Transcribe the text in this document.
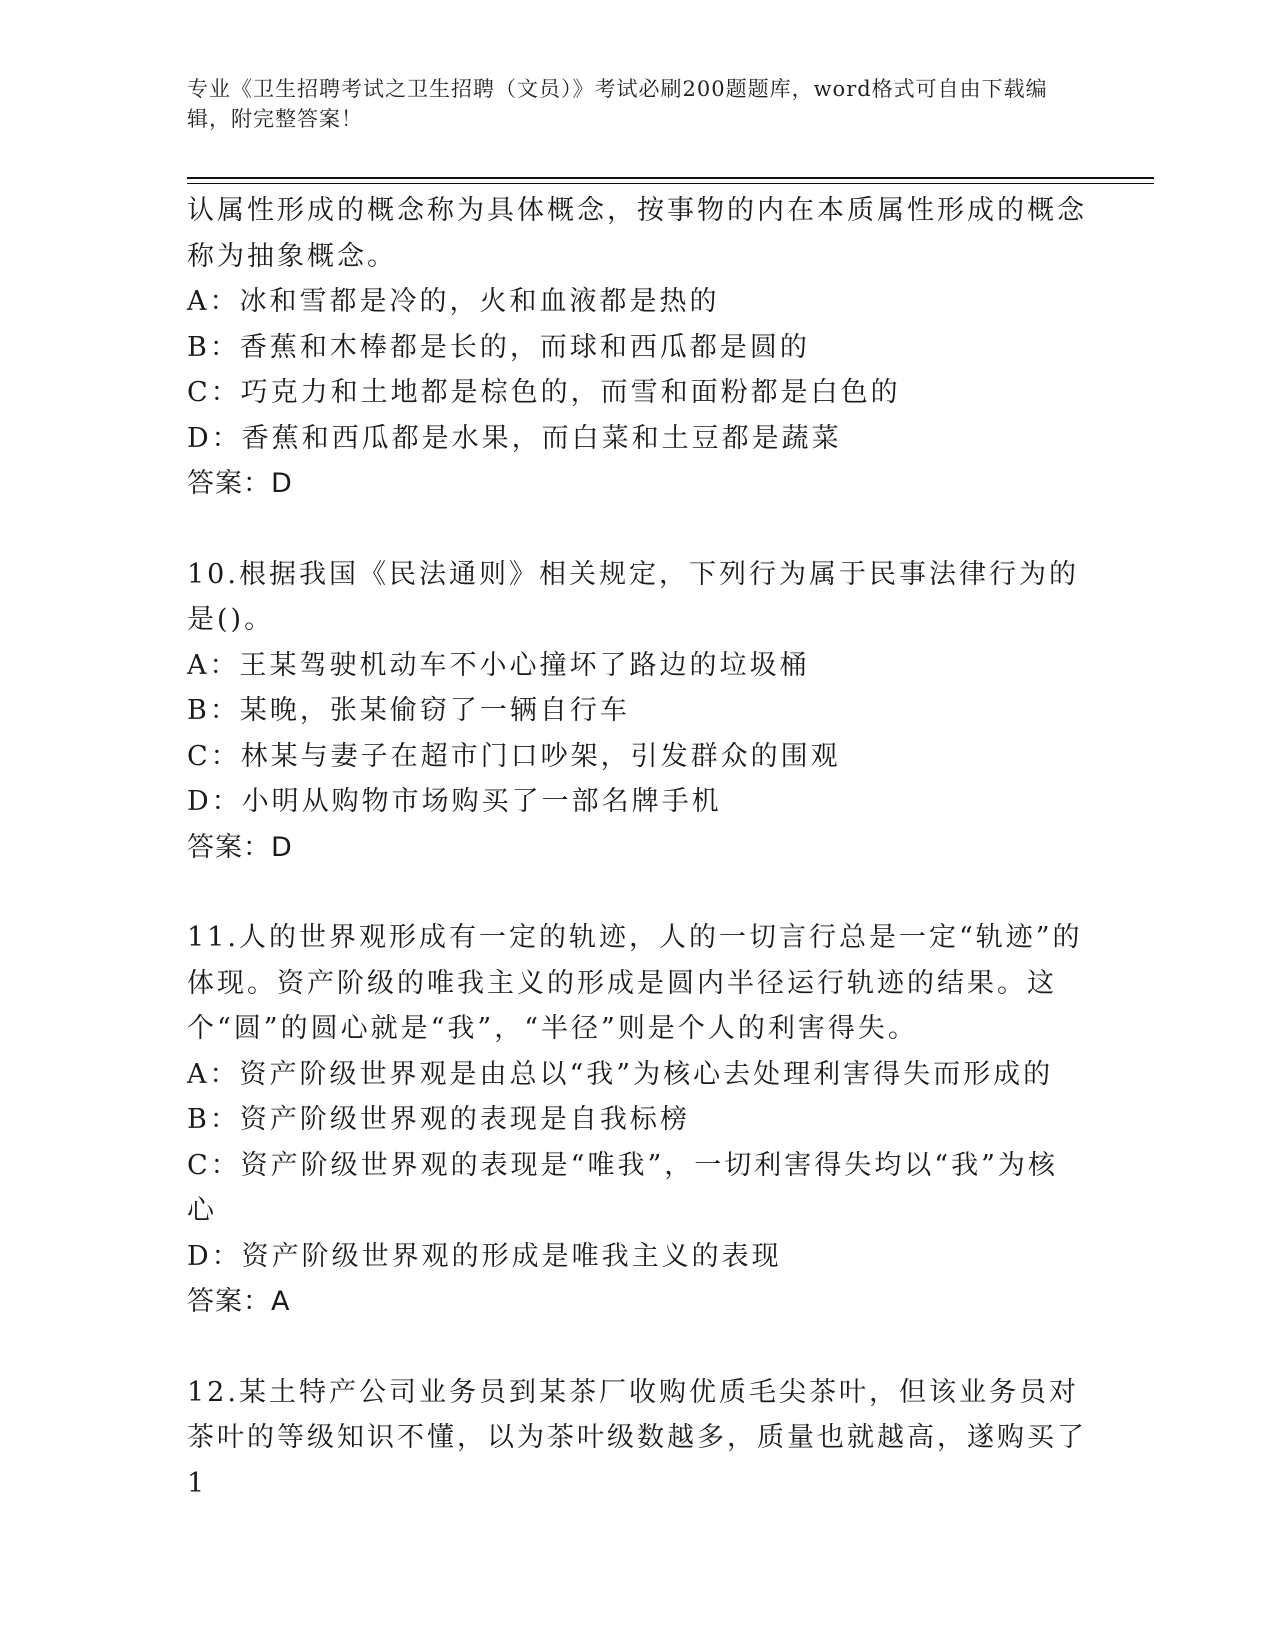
专业《卫生招聘考试之卫生招聘（文员）》考试必刷200题题库，word格式可自由下载编辑，附完整答案！

认属性形成的概念称为具体概念，按事物的内在本质属性形成的概念称为抽象概念。

A：冰和雪都是冷的，火和血液都是热的

B：香蕉和木棒都是长的，而球和西瓜都是圆的

C：巧克力和土地都是棕色的，而雪和面粉都是白色的

D：香蕉和西瓜都是水果，而白菜和土豆都是蔬菜

答案：D

10.根据我国《民法通则》相关规定，下列行为属于民事法律行为的是()。

A：王某驾驶机动车不小心撞坏了路边的垃圾桶

B：某晚，张某偷窃了一辆自行车

C：林某与妻子在超市门口吵架，引发群众的围观

D：小明从购物市场购买了一部名牌手机

答案：D

11.人的世界观形成有一定的轨迹，人的一切言行总是一定“轨迹”的体现。资产阶级的唯我主义的形成是圆内半径运行轨迹的结果。这个“圆”的圆心就是“我”，“半径”则是个人的利害得失。

A：资产阶级世界观是由总以“我”为核心去处理利害得失而形成的

B：资产阶级世界观的表现是自我标榜

C：资产阶级世界观的表现是“唯我”，一切利害得失均以“我”为核心

D：资产阶级世界观的形成是唯我主义的表现

答案：A

12.某土特产公司业务员到某茶厂收购优质毛尖茶叶，但该业务员对茶叶的等级知识不懂，以为茶叶级数越多，质量也就越高，遂购买了1
